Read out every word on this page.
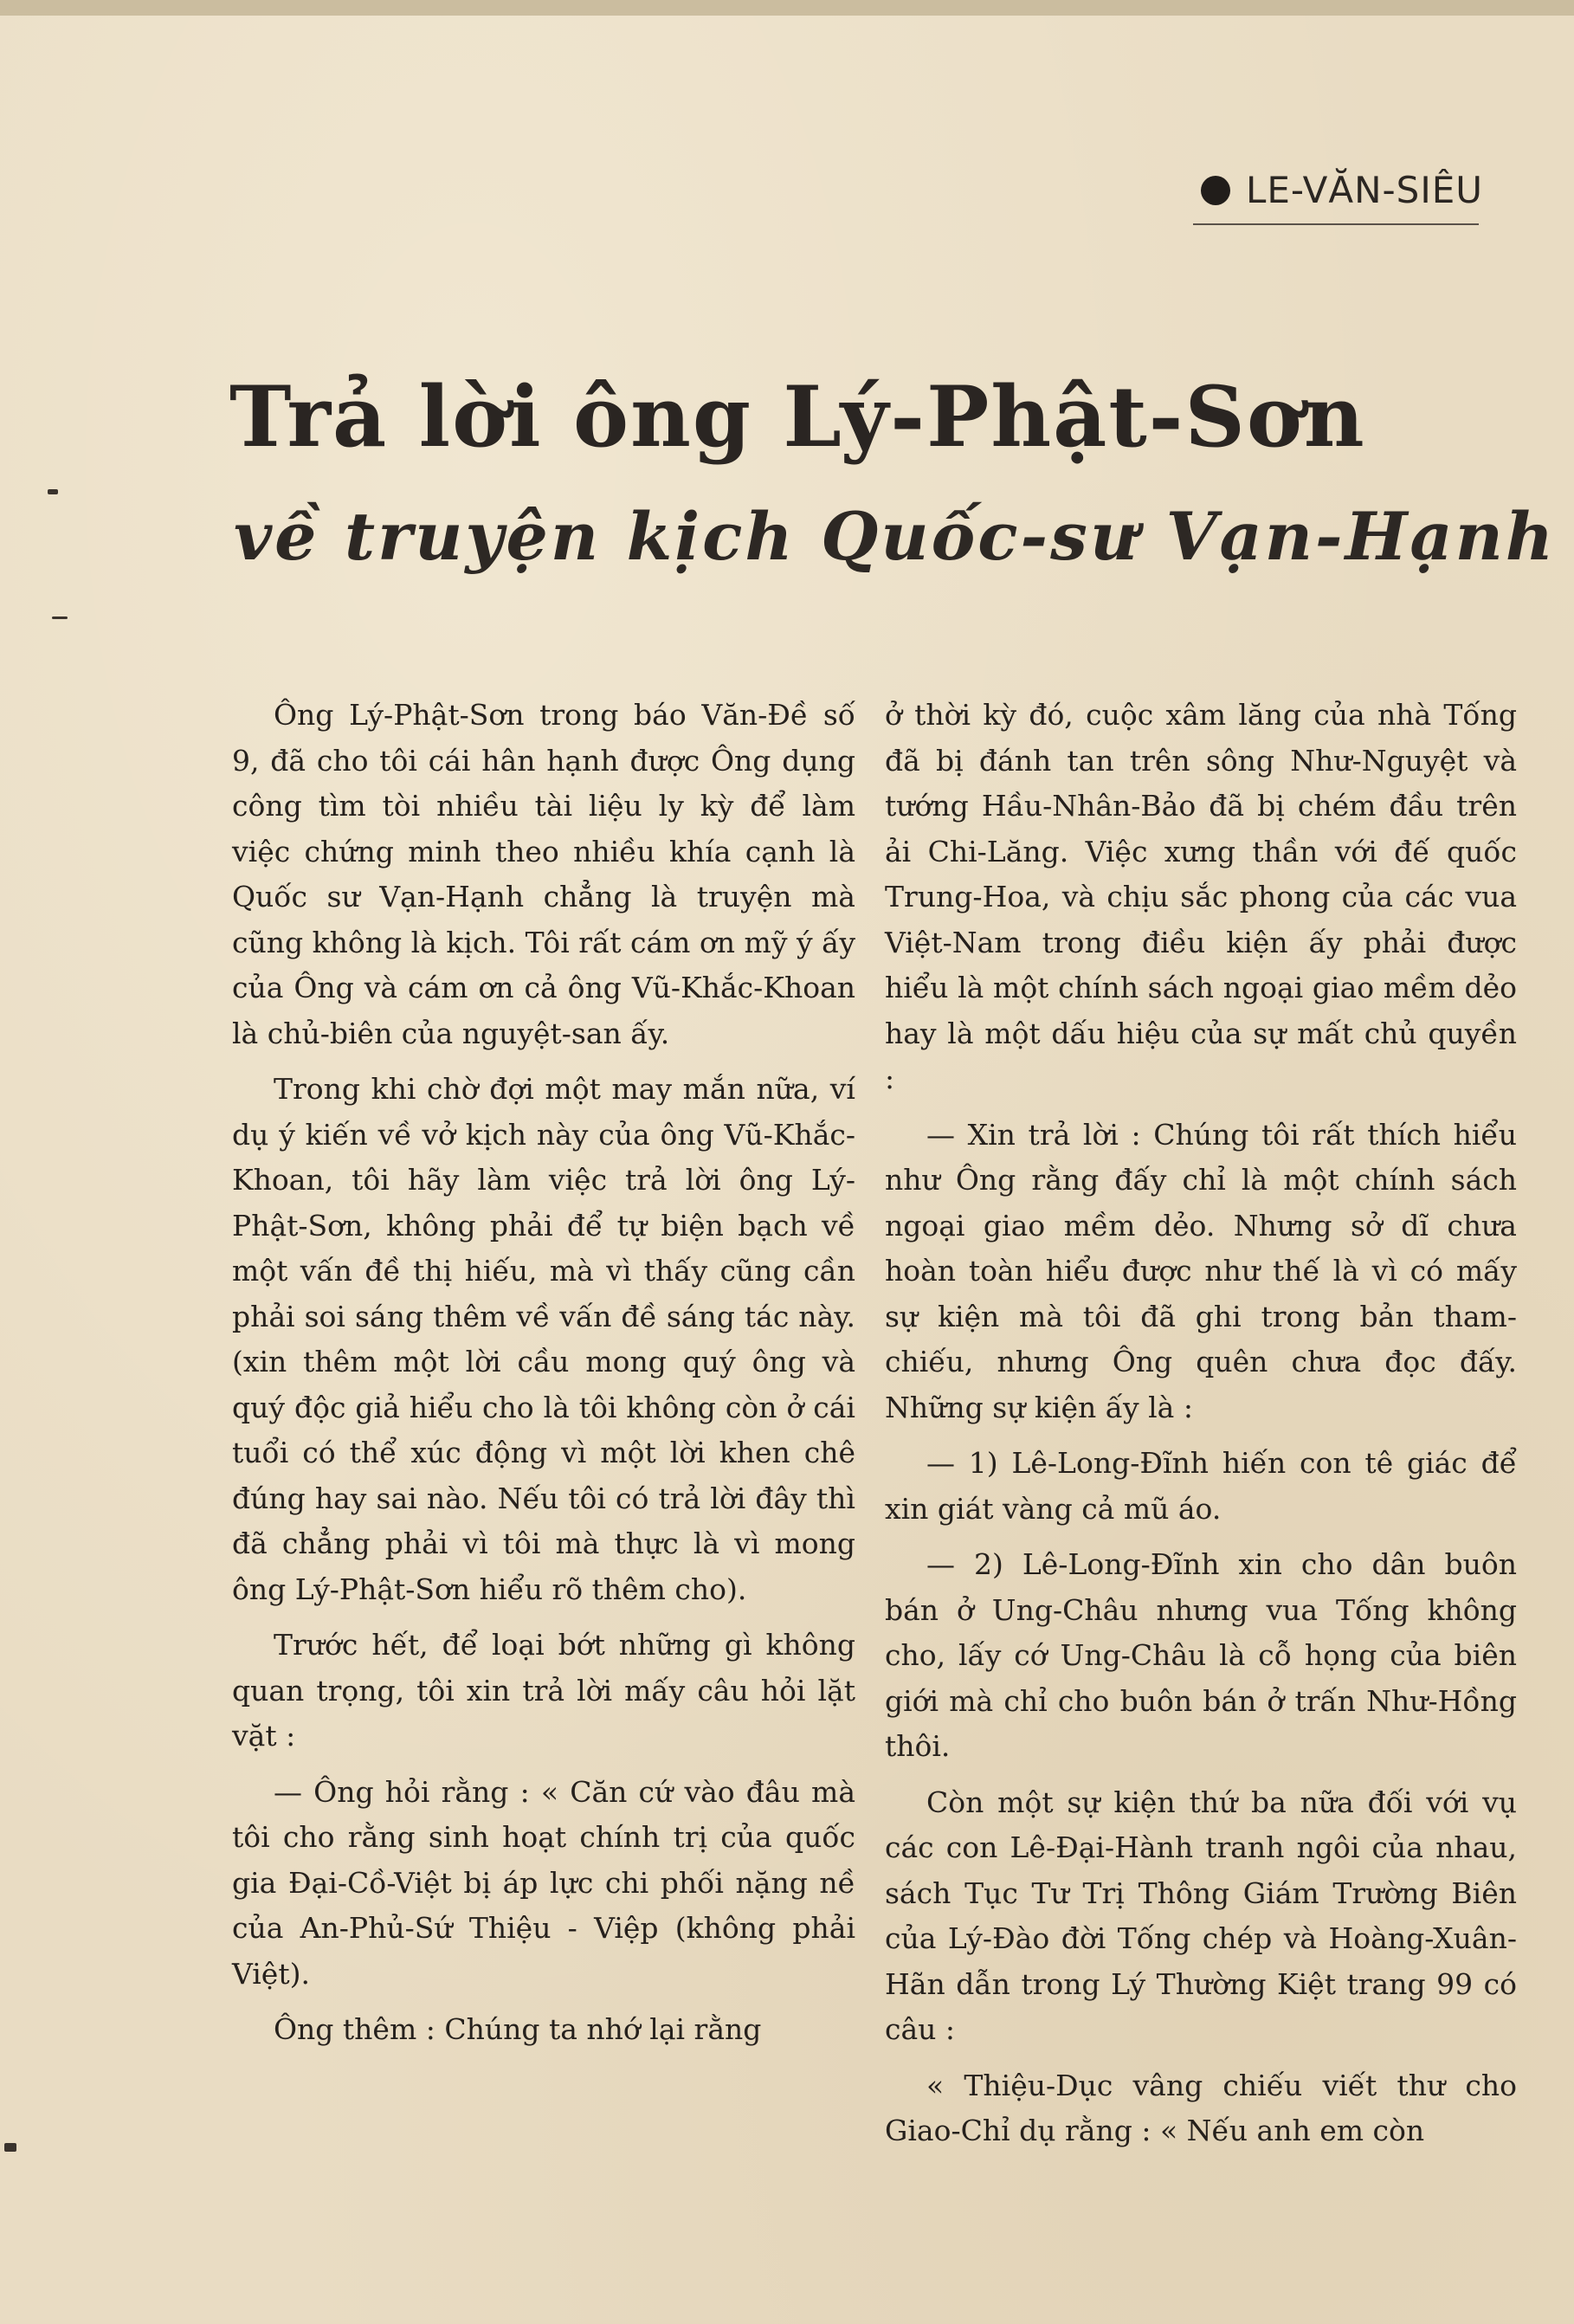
LE-VĂN-SIÊU
Trả lời ông Lý-Phật-Sơn
về truyện kịch Quốc-sư Vạn-Hạnh

Ông Lý-Phật-Sơn trong báo Văn-Đề số 9, đã cho tôi cái hân hạnh được Ông dụng công tìm tòi nhiều tài liệu ly kỳ để làm việc chứng minh theo nhiều khía cạnh là Quốc sư Vạn-Hạnh chẳng là truyện mà cũng không là kịch. Tôi rất cám ơn mỹ ý ấy của Ông và cám ơn cả ông Vũ-Khắc-Khoan là chủ-biên của nguyệt-san ấy.

Trong khi chờ đợi một may mắn nữa, ví dụ ý kiến về vở kịch này của ông Vũ-Khắc-Khoan, tôi hãy làm việc trả lời ông Lý-Phật-Sơn, không phải để tự biện bạch về một vấn đề thị hiếu, mà vì thấy cũng cần phải soi sáng thêm về vấn đề sáng tác này. (xin thêm một lời cầu mong quý ông và quý độc giả hiểu cho là tôi không còn ở cái tuổi có thể xúc động vì một lời khen chê đúng hay sai nào. Nếu tôi có trả lời đây thì đã chẳng phải vì tôi mà thực là vì mong ông Lý-Phật-Sơn hiểu rõ thêm cho).

Trước hết, để loại bớt những gì không quan trọng, tôi xin trả lời mấy câu hỏi lặt vặt :

— Ông hỏi rằng : « Căn cứ vào đâu mà tôi cho rằng sinh hoạt chính trị của quốc gia Đại-Cồ-Việt bị áp lực chi phối nặng nề của An-Phủ-Sứ Thiệu - Việp (không phải Việt).

Ông thêm : Chúng ta nhớ lại rằng

ở thời kỳ đó, cuộc xâm lăng của nhà Tống đã bị đánh tan trên sông Như-Nguyệt và tướng Hầu-Nhân-Bảo đã bị chém đầu trên ải Chi-Lăng. Việc xưng thần với đế quốc Trung-Hoa, và chịu sắc phong của các vua Việt-Nam trong điều kiện ấy phải được hiểu là một chính sách ngoại giao mềm dẻo hay là một dấu hiệu của sự mất chủ quyền :

— Xin trả lời : Chúng tôi rất thích hiểu như Ông rằng đấy chỉ là một chính sách ngoại giao mềm dẻo. Nhưng sở dĩ chưa hoàn toàn hiểu được như thế là vì có mấy sự kiện mà tôi đã ghi trong bản tham-chiếu, nhưng Ông quên chưa đọc đấy. Những sự kiện ấy là :

— 1) Lê-Long-Đĩnh hiến con tê giác để xin giát vàng cả mũ áo.

— 2) Lê-Long-Đĩnh xin cho dân buôn bán ở Ung-Châu nhưng vua Tống không cho, lấy cớ Ung-Châu là cỗ họng của biên giới mà chỉ cho buôn bán ở trấn Như-Hồng thôi.

Còn một sự kiện thứ ba nữa đối với vụ các con Lê-Đại-Hành tranh ngôi của nhau, sách Tục Tư Trị Thông Giám Trường Biên của Lý-Đào đời Tống chép và Hoàng-Xuân-Hãn dẫn trong Lý Thường Kiệt trang 99 có câu :

« Thiệu-Dục vâng chiếu viết thư cho Giao-Chỉ dụ rằng : « Nếu anh em còn
